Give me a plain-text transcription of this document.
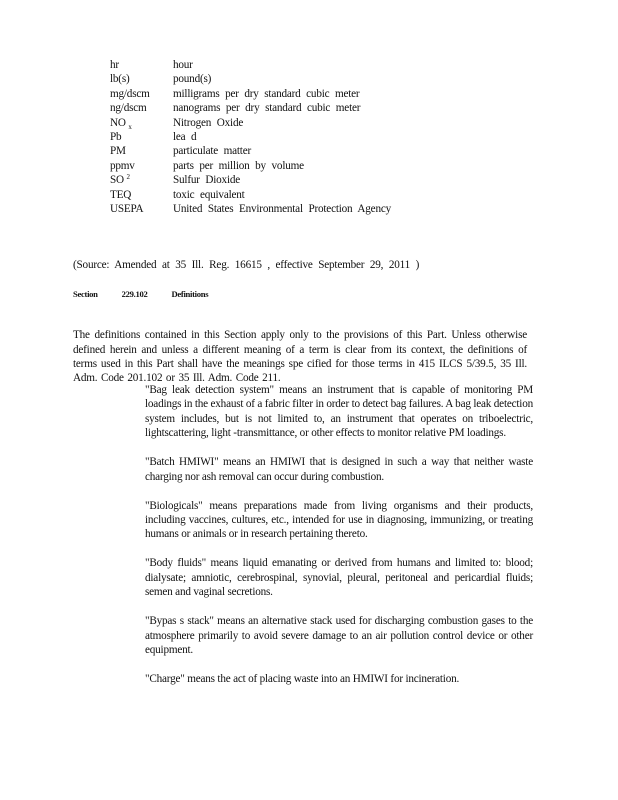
hr	hour
lb(s)	pound(s)
mg/dscm	milligrams per dry standard cubic meter
ng/dscm	nanograms per dry standard cubic meter
NO $_x$	Nitrogen Oxide
Pb	lea d
PM	particulate matter
ppmv	parts per million by volume
SO $^2$	Sulfur Dioxide
TEQ	toxic equivalent
USEPA	United States Environmental Protection Agency
(Source: Amended at 35 Ill. Reg. 16615 , effective September 29, 2011 )
Section	229.102	Definitions

The definitions contained in this Section apply only to the provisions of this Part. Unless otherwise defined herein and unless a different meaning of a term is clear from its context, the definitions of terms used in this Part shall have the meanings spe cified for those terms in 415 ILCS 5/39.5, 35 Ill. Adm. Code 201.102 or 35 Ill. Adm. Code 211.

"Bag leak detection system" means an instrument that is capable of monitoring PM loadings in the exhaust of a fabric filter in order to detect bag failures. A bag leak detection system includes, but is not limited to, an instrument that operates on triboelectric, lightscattering, light -transmittance, or other effects to monitor relative PM loadings.

"Batch HMIWI" means an HMIWI that is designed in such a way that neither waste charging nor ash removal can occur during combustion.

"Biologicals" means preparations made from living organisms and their products, including vaccines, cultures, etc., intended for use in diagnosing, immunizing, or treating humans or animals or in research pertaining thereto.

"Body fluids" means liquid emanating or derived from humans and limited to: blood; dialysate; amniotic, cerebrospinal, synovial, pleural, peritoneal and pericardial fluids; semen and vaginal secretions.

"Bypas s stack" means an alternative stack used for discharging combustion gases to the atmosphere primarily to avoid severe damage to an air pollution control device or other equipment.

"Charge" means the act of placing waste into an HMIWI for incineration.
